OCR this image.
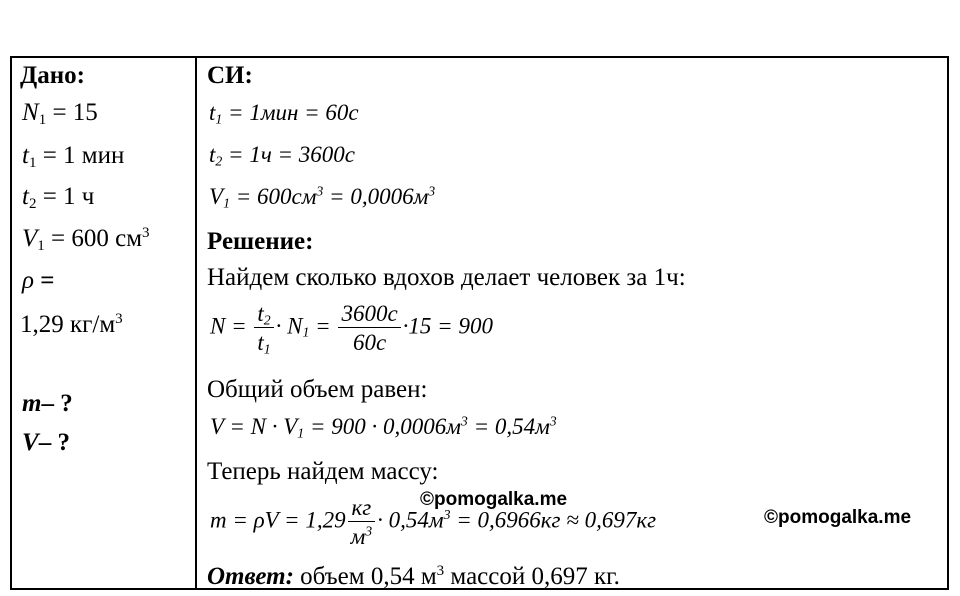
Дано:
$N_1 = 15$
$t_1 = 1$ мин
$t_2 = 1$ ч
$V_1 = 600$ $см^3$
ρ =
1,29 $кг/м^3$
m– ?
V– ?
СИ:
$t_1 = 1мин = 60с$
$t_2 = 1ч = 3600с$
$V_1 = 600см^3 = 0,0006м^3$
Решение:
Найдем сколько вдохов делает человек за 1ч:
$N = \frac{t_2}{t_1} \cdot N_1 = \frac{3600с}{60с} \cdot 15 = 900$
Общий объем равен:
$V = N \cdot V_1 = 900 \cdot 0,0006м^3 = 0,54м^3$
Теперь найдем массу:
$m = \rho V = 1,29 \frac{кг}{м^3} \cdot 0,54м^3 = 0,6966кг \approx 0,697кг$
Ответ: объем 0,54 $м^3$ массой 0,697 кг.
©pomogalka.me
©pomogalka.me
